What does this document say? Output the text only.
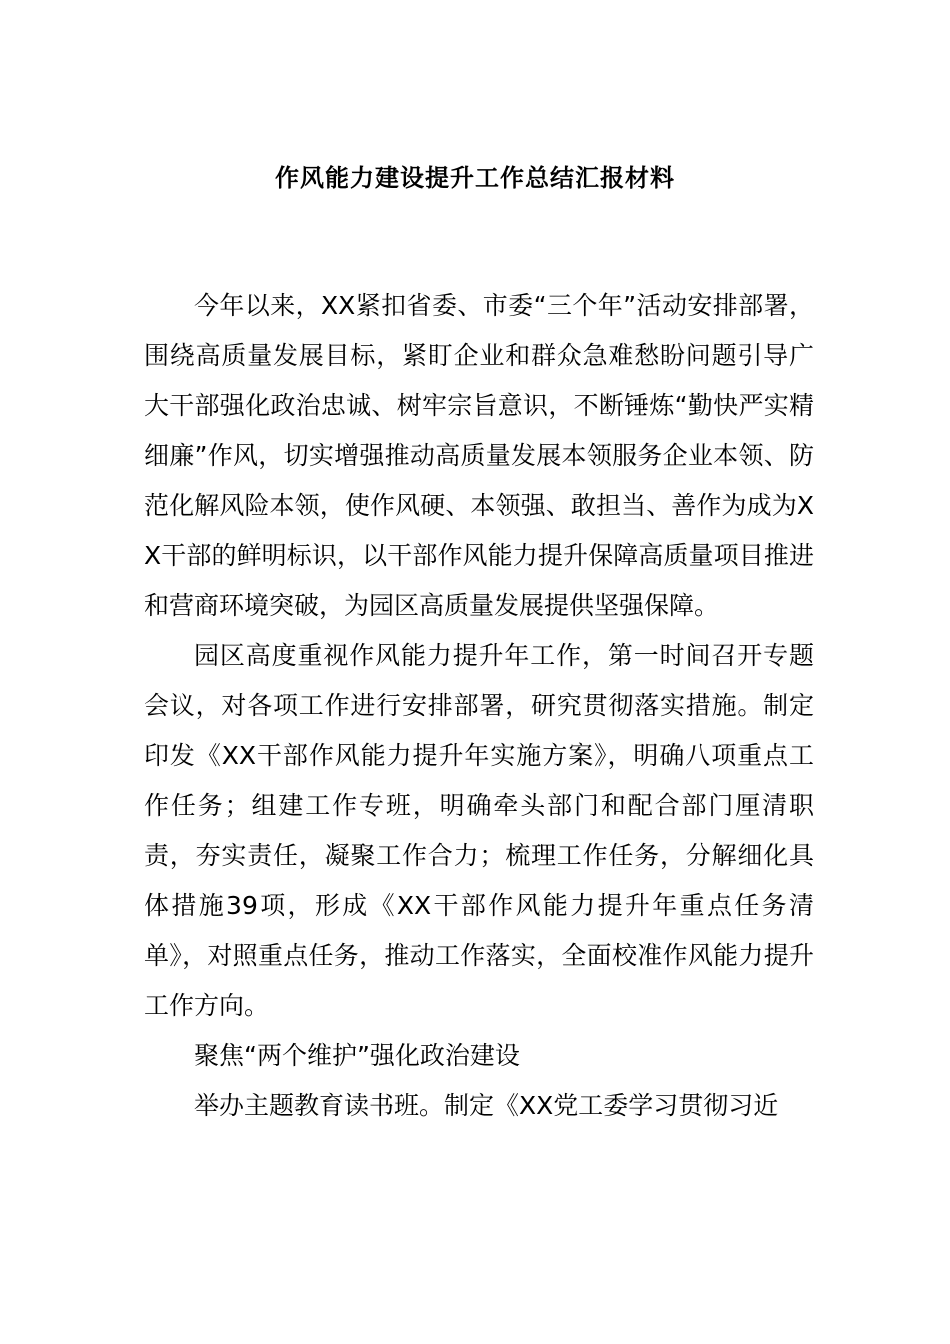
作风能力建设提升工作总结汇报材料

今年以来，XX紧扣省委、市委“三个年”活动安排部署，围绕高质量发展目标，紧盯企业和群众急难愁盼问题引导广大干部强化政治忠诚、树牢宗旨意识，不断锤炼“勤快严实精细廉”作风，切实增强推动高质量发展本领服务企业本领、防范化解风险本领，使作风硬、本领强、敢担当、善作为成为XX干部的鲜明标识，以干部作风能力提升保障高质量项目推进和营商环境突破，为园区高质量发展提供坚强保障。

园区高度重视作风能力提升年工作，第一时间召开专题会议，对各项工作进行安排部署，研究贯彻落实措施。制定印发《XX干部作风能力提升年实施方案》，明确八项重点工作任务；组建工作专班，明确牵头部门和配合部门厘清职责，夯实责任，凝聚工作合力；梳理工作任务，分解细化具体措施39项，形成《XX干部作风能力提升年重点任务清单》，对照重点任务，推动工作落实，全面校准作风能力提升工作方向。

聚焦“两个维护”强化政治建设

举办主题教育读书班。制定《XX党工委学习贯彻习近
